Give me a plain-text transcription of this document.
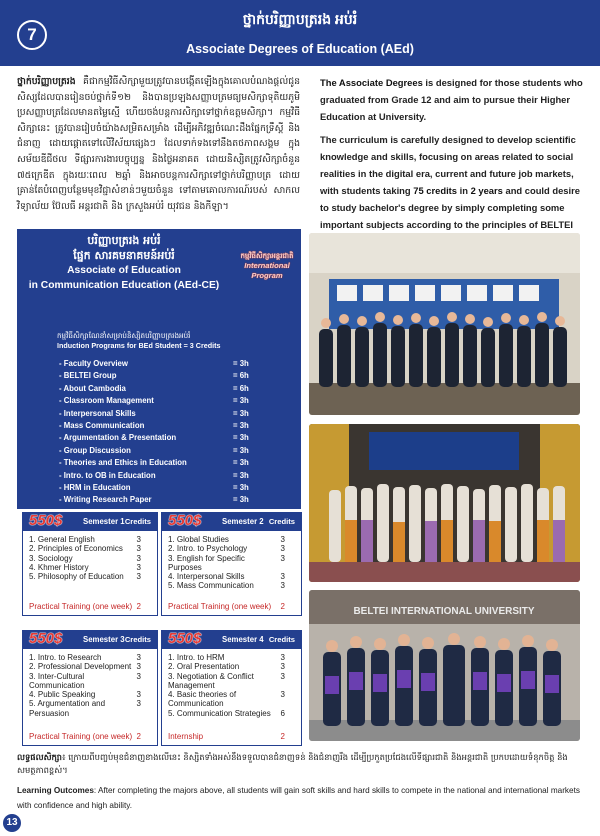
7
ថ្នាក់បរិញ្ញាបត្ររង អប់រំ
Associate Degrees of Education (AEd)
ថ្នាក់បរិញ្ញាបត្ររង គឺជាកម្មវិធីសិក្សាមួយត្រូវបានបង្កើតឡើងក្នុងគោលបំណងផ្តល់ជូនសិស្សដែលបានរៀនចប់ថ្នាក់ទី១២ និងបានប្រឡងសញ្ញាបត្រមធ្យមសិក្សាទុតិយភូមិ ប្រសញ្ញាបត្រដែលមានតម្លៃស្មើ ហើយចង់បន្តការសិក្សាទៅថ្នាក់ឧត្តមសិក្សា។ កម្មវិធីសិក្សានេះ ត្រូវបានរៀបចំយ៉ាងសម្រិតសម្រាំង ដើម្បីអភិវឌ្ឍចំណេះដឹងផ្នែកទ្រឹស្តី និងជំនាញ ដោយផ្តោតទៅលើវិស័យផ្សេងៗ ដែលទាក់ទងទៅនឹងតថភាពសង្គម ក្នុងសម័យឌីជីថល ទីផ្សារការងារបច្ចុប្បន្ន និងថ្ងៃអនាគត ដោយនិស្សិតត្រូវសិក្សាចំនួន ៧៥ក្រេឌីត ក្នុងរយៈពេល ២ឆ្នាំ និងអាចបន្តការសិក្សាទៅថ្នាក់បរិញ្ញាបត្រ ដោយគ្រាន់តែបំពេញបន្ថែមមុខវិជ្ជាសំខាន់ៗមួយចំនួន ទៅតាមគោលការណ៍របស់ សាកលវិទ្យាល័យ ប៊ែលធី អន្តរជាតិ និង ក្រសួងអប់រំ យុវជន និងកីឡា។

The Associate Degrees is designed for those students who graduated from Grade 12 and aim to pursue their Higher Education at University.

The curriculum is carefully designed to develop scientific knowledge and skills, focusing on areas related to social realities in the digital era, current and future job markets, with students taking 75 credits in 2 years and could desire to study bachelor's degree by simply completing some important subjects according to the principles of BELTEI

បរិញ្ញាបត្ររង អប់រំ
ផ្នែក សារគមនាគមន៍អប់រំ
Associate of Education
in Communication Education (AEd-CE)
កម្មវិធីសិក្សាអន្តរជាតិ
International
Program
កម្មវិធីសិក្សាណែនាំសម្រាប់និស្សិតបរិញ្ញាបត្ររងអប់រំ
Induction Programs for BEd Student = 3 Credits
- Faculty Overview	= 3h
- BELTEI Group	= 6h
- About Cambodia	= 6h
- Classroom Management	= 3h
- Interpersonal Skills	= 3h
- Mass Communication	= 3h
- Argumentation & Presentation	= 3h
- Group Discussion	= 3h
- Theories and Ethics in Education	= 3h
- Intro. to OB in Education	= 3h
- HRM in Education	= 3h
- Writing Research Paper	= 3h
550$	Semester 1 Credits
1. General English	3
2. Principles of Economics	3
3. Sociology	3
4. Khmer History	3
5. Philosophy of Education	3
Practical Training (one week) 2
550$	Semester 2 Credits
1. Global Studies	3
2. Intro. to Psychology	3
3. English for Specific Purposes
3
4. Interpersonal Skills	3
5. Mass Communication	3
Practical Training (one week) 2
550$	Semester 3 Credits
1. Intro. to Research	3
2. Professional Development 3
3. Inter-Cultural Communication
3
4. Public Speaking	3
5. Argumentation and Persuasion
3
Practical Training (one week) 2
550$	Semester 4 Credits
1. Intro. to HRM	3
2. Oral Presentation	3
3. Negotiation & Conflict Management
3
4. Basic theories of Communication
3
5. Communication Strategies	6
Internship	2
BELTEI INTERNATIONAL UNIVERSITY
លទ្ធផលសិក្សា៖ ក្រោយពីបញ្ចប់មុខជំនាញខាងលើនេះ និស្សិតទាំងអស់នឹងទទួលបានជំនាញទន់ និងជំនាញរឹង ដើម្បីប្រកួតប្រជែងលើទីផ្សារជាតិ និងអន្តរជាតិ ប្រកបដោយទំនុកចិត្ត និងសមត្ថភាពខ្ពស់។
Learning Outcomes: After completing the majors above, all students will gain soft skills and hard skills to compete in the national and international markets with confidence and high ability.
13
